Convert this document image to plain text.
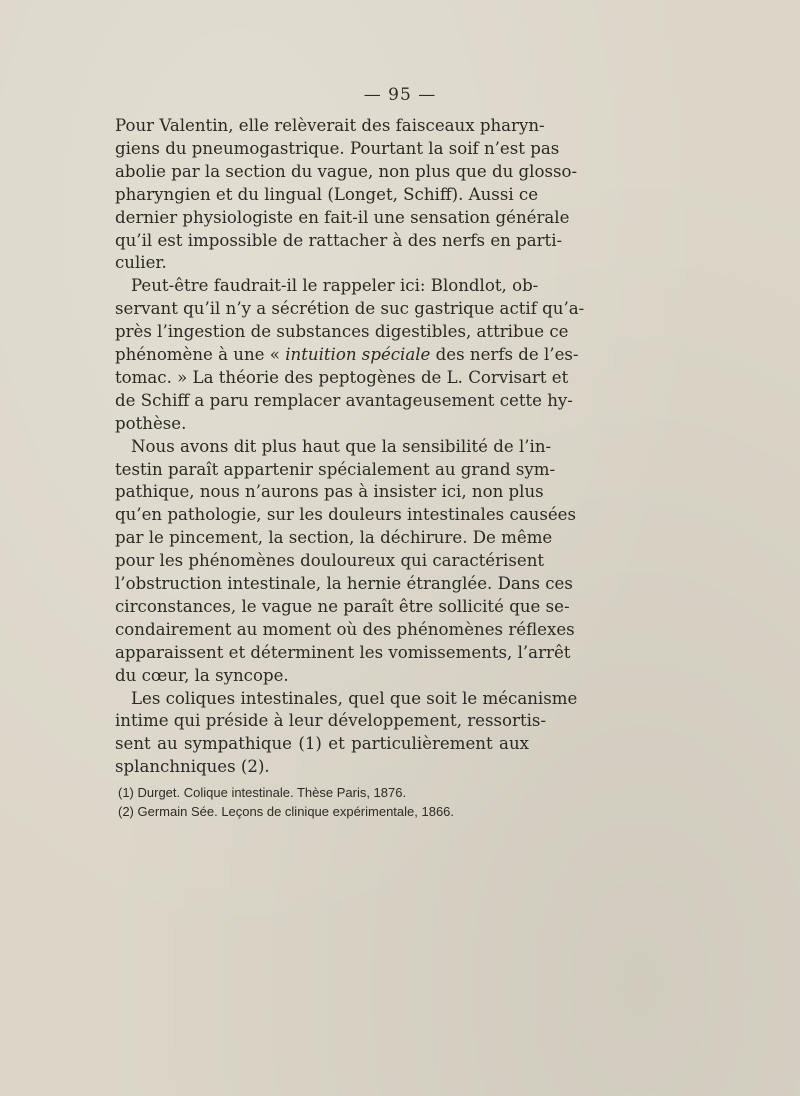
— 95 —
Pour Valentin, elle relèverait des faisceaux pharyn-
giens du pneumogastrique. Pourtant la soif n’est pas
abolie par la section du vague, non plus que du glosso-
pharyngien et du lingual (Longet, Schiff). Aussi ce
dernier physiologiste en fait-il une sensation générale
qu’il est impossible de rattacher à des nerfs en parti-
culier.
Peut-être faudrait-il le rappeler ici: Blondlot, ob-
servant qu’il n’y a sécrétion de suc gastrique actif qu’a-
près l’ingestion de substances digestibles, attribue ce
phénomène à une « intuition spéciale des nerfs de l’es-
tomac. » La théorie des peptogènes de L. Corvisart et
de Schiff a paru remplacer avantageusement cette hy-
pothèse.
Nous avons dit plus haut que la sensibilité de l’in-
testin paraît appartenir spécialement au grand sym-
pathique, nous n’aurons pas à insister ici, non plus
qu’en pathologie, sur les douleurs intestinales causées
par le pincement, la section, la déchirure. De même
pour les phénomènes douloureux qui caractérisent
l’obstruction intestinale, la hernie étranglée. Dans ces
circonstances, le vague ne paraît être sollicité que se-
condairement au moment où des phénomènes réflexes
apparaissent et déterminent les vomissements, l’arrêt
du cœur, la syncope.
Les coliques intestinales, quel que soit le mécanisme
intime qui préside à leur développement, ressortis-
sent au sympathique (1) et particulièrement aux
splanchniques (2).
(1) Durget. Colique intestinale. Thèse Paris, 1876.
(2) Germain Sée. Leçons de clinique expérimentale, 1866.
